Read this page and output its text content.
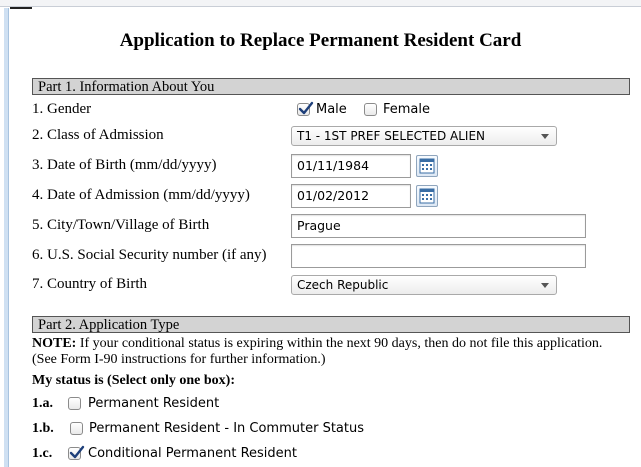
Application to Replace Permanent Resident Card
Part 1. Information About You
1. Gender	Male	Female
2. Class of Admission	T1 - 1ST PREF SELECTED ALIEN
3. Date of Birth (mm/dd/yyyy)	01/11/1984
4. Date of Admission (mm/dd/yyyy)	01/02/2012
5. City/Town/Village of Birth	Prague
6. U.S. Social Security number (if any)
7. Country of Birth	Czech Republic
Part 2. Application Type
NOTE: If your conditional status is expiring within the next 90 days, then do not file this application. (See Form I-90 instructions for further information.)
My status is (Select only one box):
1.a.	Permanent Resident
1.b.	Permanent Resident - In Commuter Status
1.c.	Conditional Permanent Resident
